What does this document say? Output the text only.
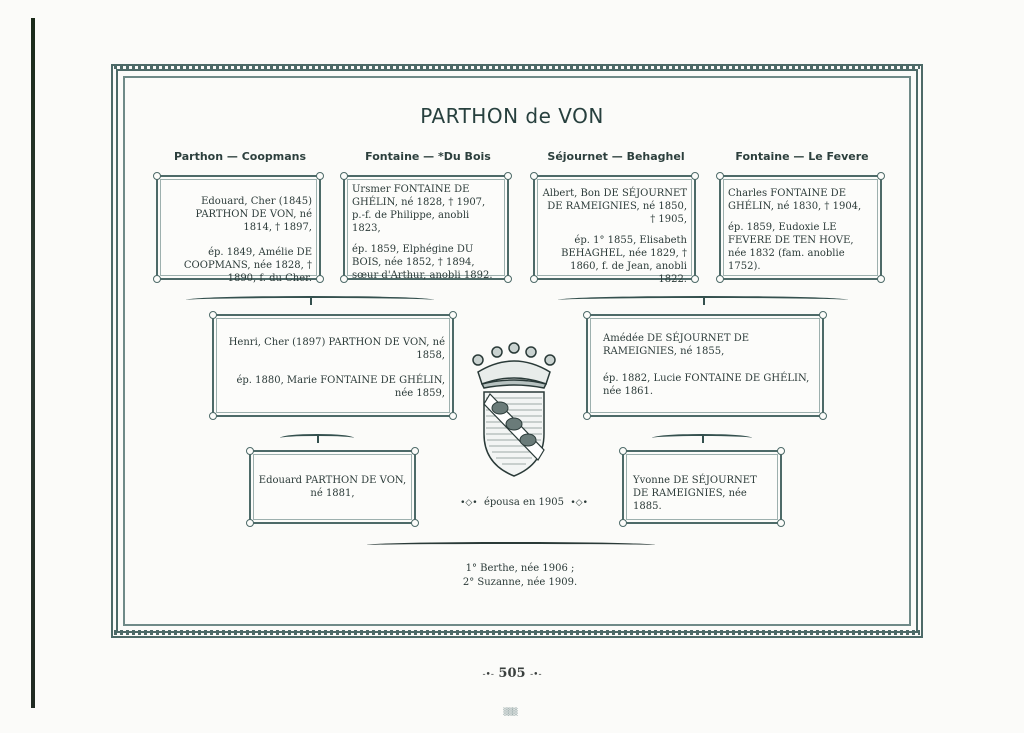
PARTHON de VON
Parthon — Coopmans	Fontaine — *Du Bois	Séjournet — Behaghel	Fontaine — Le Fevere

Edouard, Cher (1845) PARTHON DE VON, né 1814, † 1897,

ép. 1849, Amélie DE COOPMANS, née 1828, † 1890, f. du Cher.

Ursmer FONTAINE DE GHÉLIN, né 1828, † 1907, p.-f. de Philippe, anobli 1823,

ép. 1859, Elphégine DU BOIS, née 1852, † 1894, sœur d'Arthur, anobli 1892.

Albert, Bon DE SÉJOURNET DE RAMEIGNIES, né 1850, † 1905,

ép. 1° 1855, Elisabeth BEHAGHEL, née 1829, † 1860, f. de Jean, anobli 1822.

Charles FONTAINE DE GHÉLIN, né 1830, † 1904,

ép. 1859, Eudoxie LE FEVERE DE TEN HOVE, née 1832 (fam. anoblie 1752).

Henri, Cher (1897) PARTHON DE VON, né 1858,

ép. 1880, Marie FONTAINE DE GHÉLIN, née 1859,

Amédée DE SÉJOURNET DE RAMEIGNIES, né 1855,

ép. 1882, Lucie FONTAINE DE GHÉLIN, née 1861.

Edouard PARTHON DE VON, né 1881,

Yvonne DE SÉJOURNET DE RAMEIGNIES, née 1885.

•◇• épousa en 1905 •◇•
1° Berthe, née 1906 ;
2° Suzanne, née 1909.
-•- 505 -•-
▒▒▒
